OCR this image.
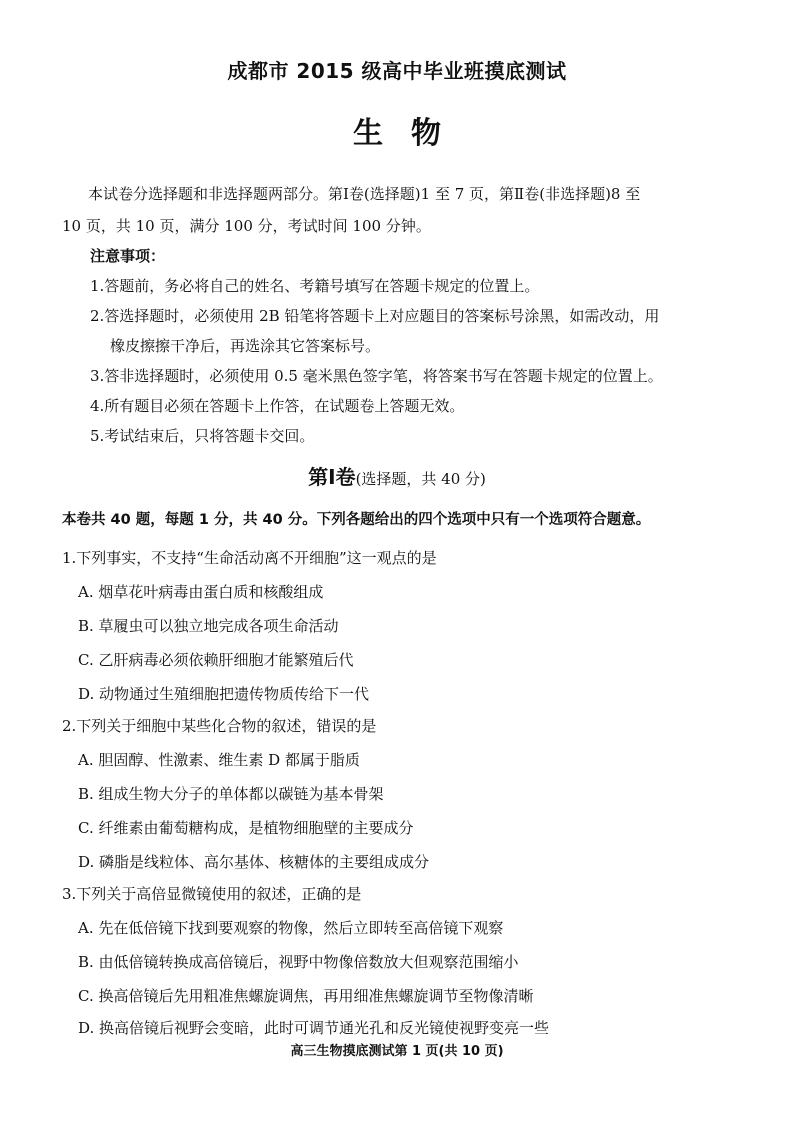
成都市 2015 级高中毕业班摸底测试
生物
本试卷分选择题和非选择题两部分。第Ⅰ卷(选择题)1 至 7 页，第Ⅱ卷(非选择题)8 至
10 页，共 10 页，满分 100 分，考试时间 100 分钟。
注意事项：
1.答题前，务必将自己的姓名、考籍号填写在答题卡规定的位置上。
2.答选择题时，必须使用 2B 铅笔将答题卡上对应题目的答案标号涂黑，如需改动，用
橡皮擦擦干净后，再选涂其它答案标号。
3.答非选择题时，必须使用 0.5 毫米黑色签字笔，将答案书写在答题卡规定的位置上。
4.所有题目必须在答题卡上作答，在试题卷上答题无效。
5.考试结束后，只将答题卡交回。
第Ⅰ卷(选择题，共 40 分)
本卷共 40 题，每题 1 分，共 40 分。下列各题给出的四个选项中只有一个选项符合题意。
1.下列事实，不支持“生命活动离不开细胞”这一观点的是
A. 烟草花叶病毒由蛋白质和核酸组成
B. 草履虫可以独立地完成各项生命活动
C. 乙肝病毒必须依赖肝细胞才能繁殖后代
D. 动物通过生殖细胞把遗传物质传给下一代
2.下列关于细胞中某些化合物的叙述，错误的是
A. 胆固醇、性激素、维生素 D 都属于脂质
B. 组成生物大分子的单体都以碳链为基本骨架
C. 纤维素由葡萄糖构成，是植物细胞壁的主要成分
D. 磷脂是线粒体、高尔基体、核糖体的主要组成成分
3.下列关于高倍显微镜使用的叙述，正确的是
A. 先在低倍镜下找到要观察的物像，然后立即转至高倍镜下观察
B. 由低倍镜转换成高倍镜后，视野中物像倍数放大但观察范围缩小
C. 换高倍镜后先用粗准焦螺旋调焦，再用细准焦螺旋调节至物像清晰
D. 换高倍镜后视野会变暗，此时可调节通光孔和反光镜使视野变亮一些
高三生物摸底测试第 1 页(共 10 页)
